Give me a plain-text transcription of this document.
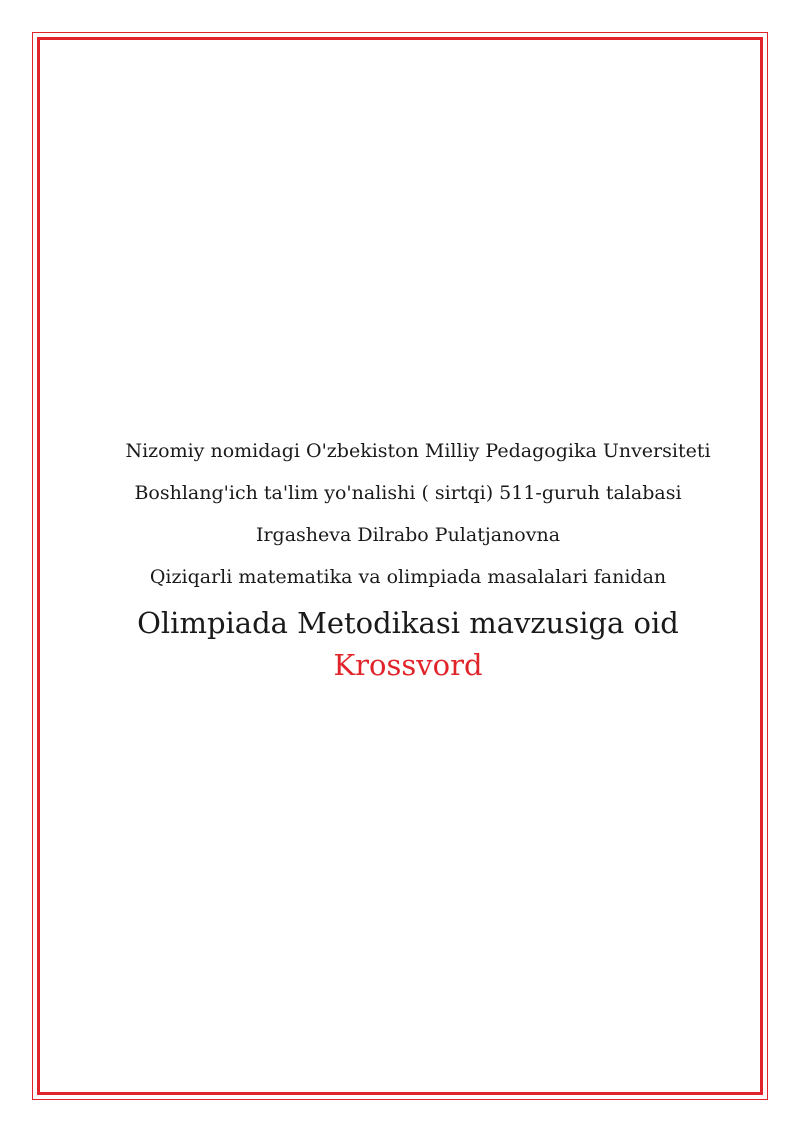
Nizomiy nomidagi O'zbekiston Milliy Pedagogika Unversiteti
Boshlang'ich ta'lim yo'nalishi ( sirtqi) 511-guruh talabasi
Irgasheva Dilrabo Pulatjanovna
Qiziqarli matematika va olimpiada masalalari fanidan
Olimpiada Metodikasi mavzusiga oid
Krossvord
